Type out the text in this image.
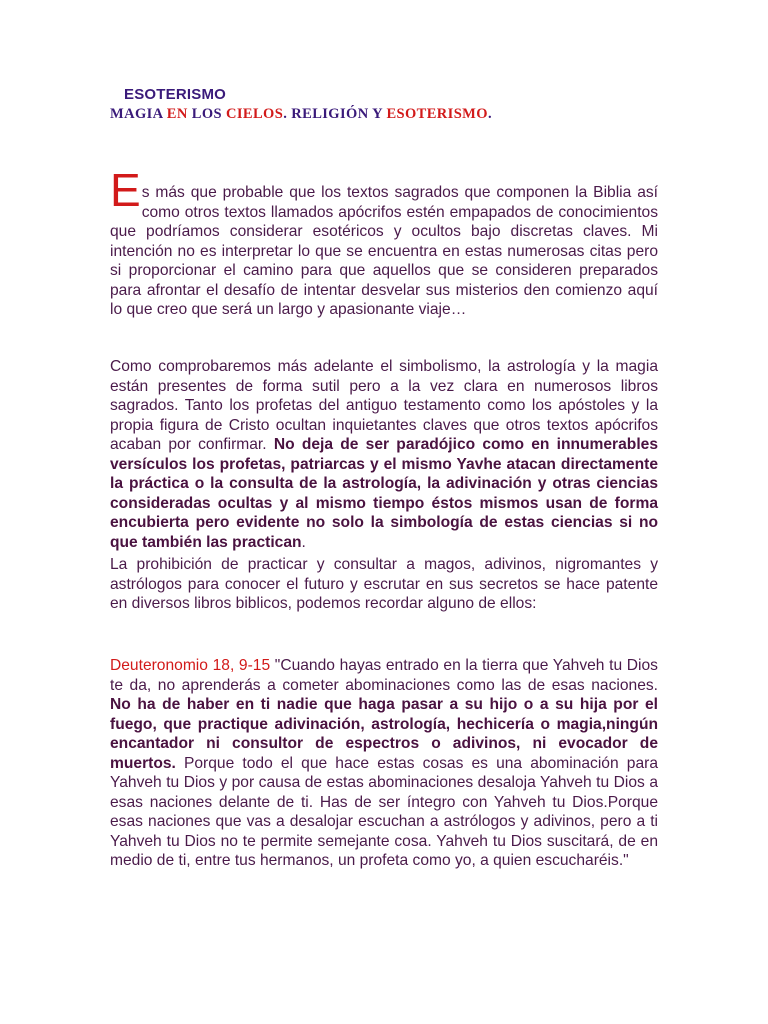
ESOTERISMO
MAGIA EN LOS CIELOS. RELIGIÓN Y ESOTERISMO.

E s más que probable que los textos sagrados que componen la Biblia así como otros textos llamados apócrifos estén empapados de conocimientos que podríamos considerar esotéricos y ocultos bajo discretas claves. Mi intención no es interpretar lo que se encuentra en estas numerosas citas pero si proporcionar el camino para que aquellos que se consideren preparados para afrontar el desafío de intentar desvelar sus misterios den comienzo aquí lo que creo que será un largo y apasionante viaje…

Como comprobaremos más adelante el simbolismo, la astrología y la magia están presentes de forma sutil pero a la vez clara en numerosos libros sagrados. Tanto los profetas del antiguo testamento como los apóstoles y la propia figura de Cristo ocultan inquietantes claves que otros textos apócrifos acaban por confirmar. No deja de ser paradójico como en innumerables versículos los profetas, patriarcas y el mismo Yavhe atacan directamente la práctica o la consulta de la astrología, la adivinación y otras ciencias consideradas ocultas y al mismo tiempo éstos mismos usan de forma encubierta pero evidente no solo la simbología de estas ciencias si no que también las practican.

La prohibición de practicar y consultar a magos, adivinos, nigromantes y astrólogos para conocer el futuro y escrutar en sus secretos se hace patente en diversos libros biblicos, podemos recordar alguno de ellos:

Deuteronomio 18, 9-15 "Cuando hayas entrado en la tierra que Yahveh tu Dios te da, no aprenderás a cometer abominaciones como las de esas naciones. No ha de haber en ti nadie que haga pasar a su hijo o a su hija por el fuego, que practique adivinación, astrología, hechicería o magia,ningún encantador ni consultor de espectros o adivinos, ni evocador de muertos. Porque todo el que hace estas cosas es una abominación para Yahveh tu Dios y por causa de estas abominaciones desaloja Yahveh tu Dios a esas naciones delante de ti. Has de ser íntegro con Yahveh tu Dios.Porque esas naciones que vas a desalojar escuchan a astrólogos y adivinos, pero a ti Yahveh tu Dios no te permite semejante cosa. Yahveh tu Dios suscitará, de en medio de ti, entre tus hermanos, un profeta como yo, a quien escucharéis."
